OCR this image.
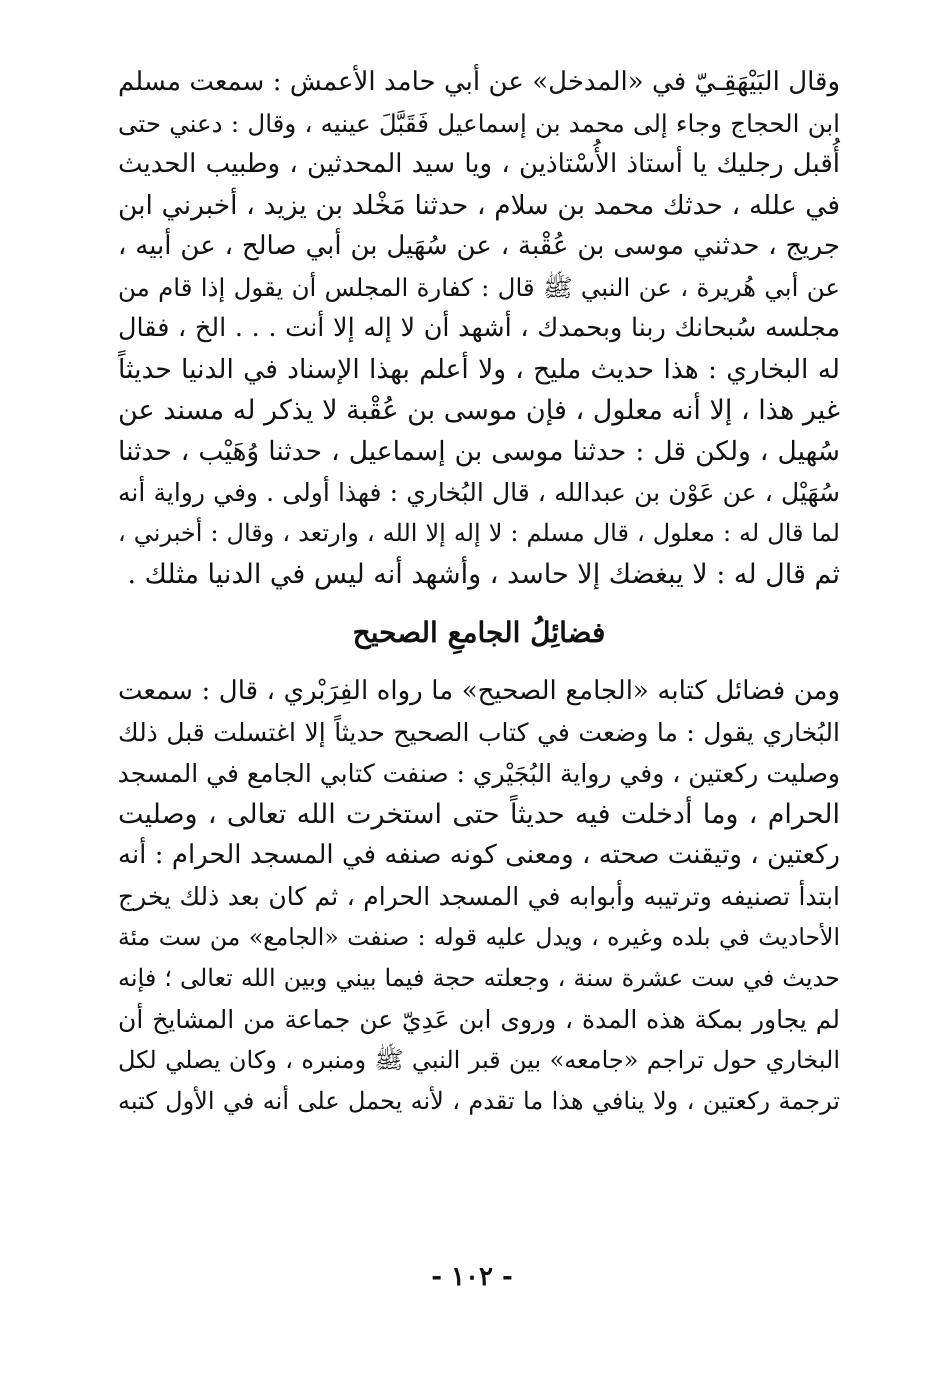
وقال البَيْهَقِـيّ في «المدخل» عن أبي حامد الأعمش : سمعت مسلم
ابن الحجاج وجاء إلى محمد بن إسماعيل فَقَبَّلَ عينيه ، وقال : دعني حتى
أُقبل رجليك يا أستاذ الأُسْتاذين ، ويا سيد المحدثين ، وطبيب الحديث
في علله ، حدثك محمد بن سلام ، حدثنا مَخْلد بن يزيد ، أخبرني ابن
جريج ، حدثني موسى بن عُقْبة ، عن سُهَيل بن أبي صالح ، عن أبيه ،
عن أبي هُريرة ، عن النبي ﷺ قال : كفارة المجلس أن يقول إذا قام من
مجلسه سُبحانك ربنا وبحمدك ، أشهد أن لا إله إلا أنت . . . الخ ، فقال
له البخاري : هذا حديث مليح ، ولا أعلم بهذا الإسناد في الدنيا حديثاً
غير هذا ، إلا أنه معلول ، فإن موسى بن عُقْبة لا يذكر له مسند عن
سُهيل ، ولكن قل : حدثنا موسى بن إسماعيل ، حدثنا وُهَيْب ، حدثنا
سُهَيْل ، عن عَوْن بن عبدالله ، قال البُخاري : فهذا أولى . وفي رواية أنه
لما قال له : معلول ، قال مسلم : لا إله إلا الله ، وارتعد ، وقال : أخبرني ،
ثم قال له : لا يبغضك إلا حاسد ، وأشهد أنه ليس في الدنيا مثلك .
فضائِلُ الجامعِ الصحيح
ومن فضائل كتابه «الجامع الصحيح» ما رواه الفِرَبْري ، قال : سمعت
البُخاري يقول : ما وضعت في كتاب الصحيح حديثاً إلا اغتسلت قبل ذلك
وصليت ركعتين ، وفي رواية البُجَيْري : صنفت كتابي الجامع في المسجد
الحرام ، وما أدخلت فيه حديثاً حتى استخرت الله تعالى ، وصليت
ركعتين ، وتيقنت صحته ، ومعنى كونه صنفه في المسجد الحرام : أنه
ابتدأ تصنيفه وترتيبه وأبوابه في المسجد الحرام ، ثم كان بعد ذلك يخرج
الأحاديث في بلده وغيره ، ويدل عليه قوله : صنفت «الجامع» من ست مئة
حديث في ست عشرة سنة ، وجعلته حجة فيما بيني وبين الله تعالى ؛ فإنه
لم يجاور بمكة هذه المدة ، وروى ابن عَدِيّ عن جماعة من المشايخ أن
البخاري حول تراجم «جامعه» بين قبر النبي ﷺ ومنبره ، وكان يصلي لكل
ترجمة ركعتين ، ولا ينافي هذا ما تقدم ، لأنه يحمل على أنه في الأول كتبه
- ١٠٢ -
